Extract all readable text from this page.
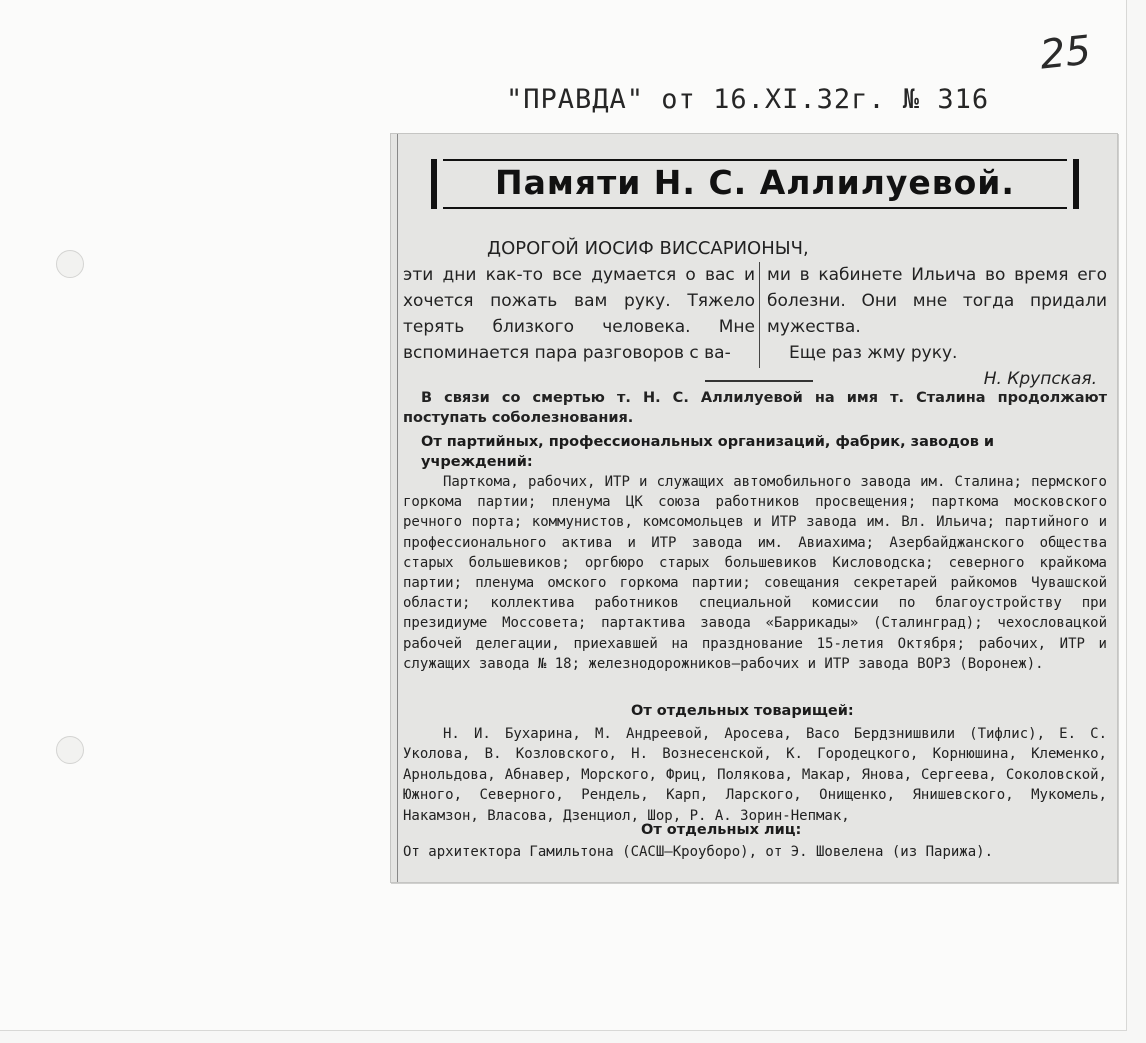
25
"ПРАВДА" от 16.XI.32г. № 316
Памяти Н. С. Аллилуевой.
ДОРОГОЙ ИОСИФ ВИССАРИОНЫЧ,

эти дни как-то все думается о вас и хочется пожать вам руку. Тяжело терять близкого человека. Мне вспоминается пара разговоров с ва-

ми в кабинете Ильича во время его болезни. Они мне тогда придали мужества.

Еще раз жму руку.

Н. Крупская.

В связи со смертью т. Н. С. Аллилуевой на имя т. Сталина продолжают поступать соболезнования.
От партийных, профессиональных организаций, фабрик, заводов и учреждений:
Парткома, рабочих, ИТР и служащих автомобильного завода им. Сталина; пермского горкома партии; пленума ЦК союза работников просвещения; парткома московского речного порта; коммунистов, комсомольцев и ИТР завода им. Вл. Ильича; партийного и профессионального актива и ИТР завода им. Авиахима; Азербайджанского общества старых большевиков; оргбюро старых большевиков Кисловодска; северного крайкома партии; пленума омского горкома партии; совещания секретарей райкомов Чувашской области; коллектива работников специальной комиссии по благоустройству при президиуме Моссовета; партактива завода «Баррикады» (Сталинград); чехословацкой рабочей делегации, приехавшей на празднование 15-летия Октября; рабочих, ИТР и служащих завода № 18; железнодорожников—рабочих и ИТР завода ВОРЗ (Воронеж).
От отдельных товарищей:
Н. И. Бухарина, М. Андреевой, Аросева, Васо Бердзнишвили (Тифлис), Е. С. Уколова, В. Козловского, Н. Вознесенской, К. Городецкого, Корнюшина, Клеменко, Арнольдова, Абнавер, Морского, Фриц, Полякова, Макар, Янова, Сергеева, Соколовской, Южного, Северного, Рендель, Карп, Ларского, Онищенко, Янишевского, Мукомель, Накамзон, Власова, Дзенциол, Шор, Р. А. Зорин-Непмак,
От отдельных лиц:
От архитектора Гамильтона (САСШ—Кроуборо), от Э. Шовелена (из Парижа).
